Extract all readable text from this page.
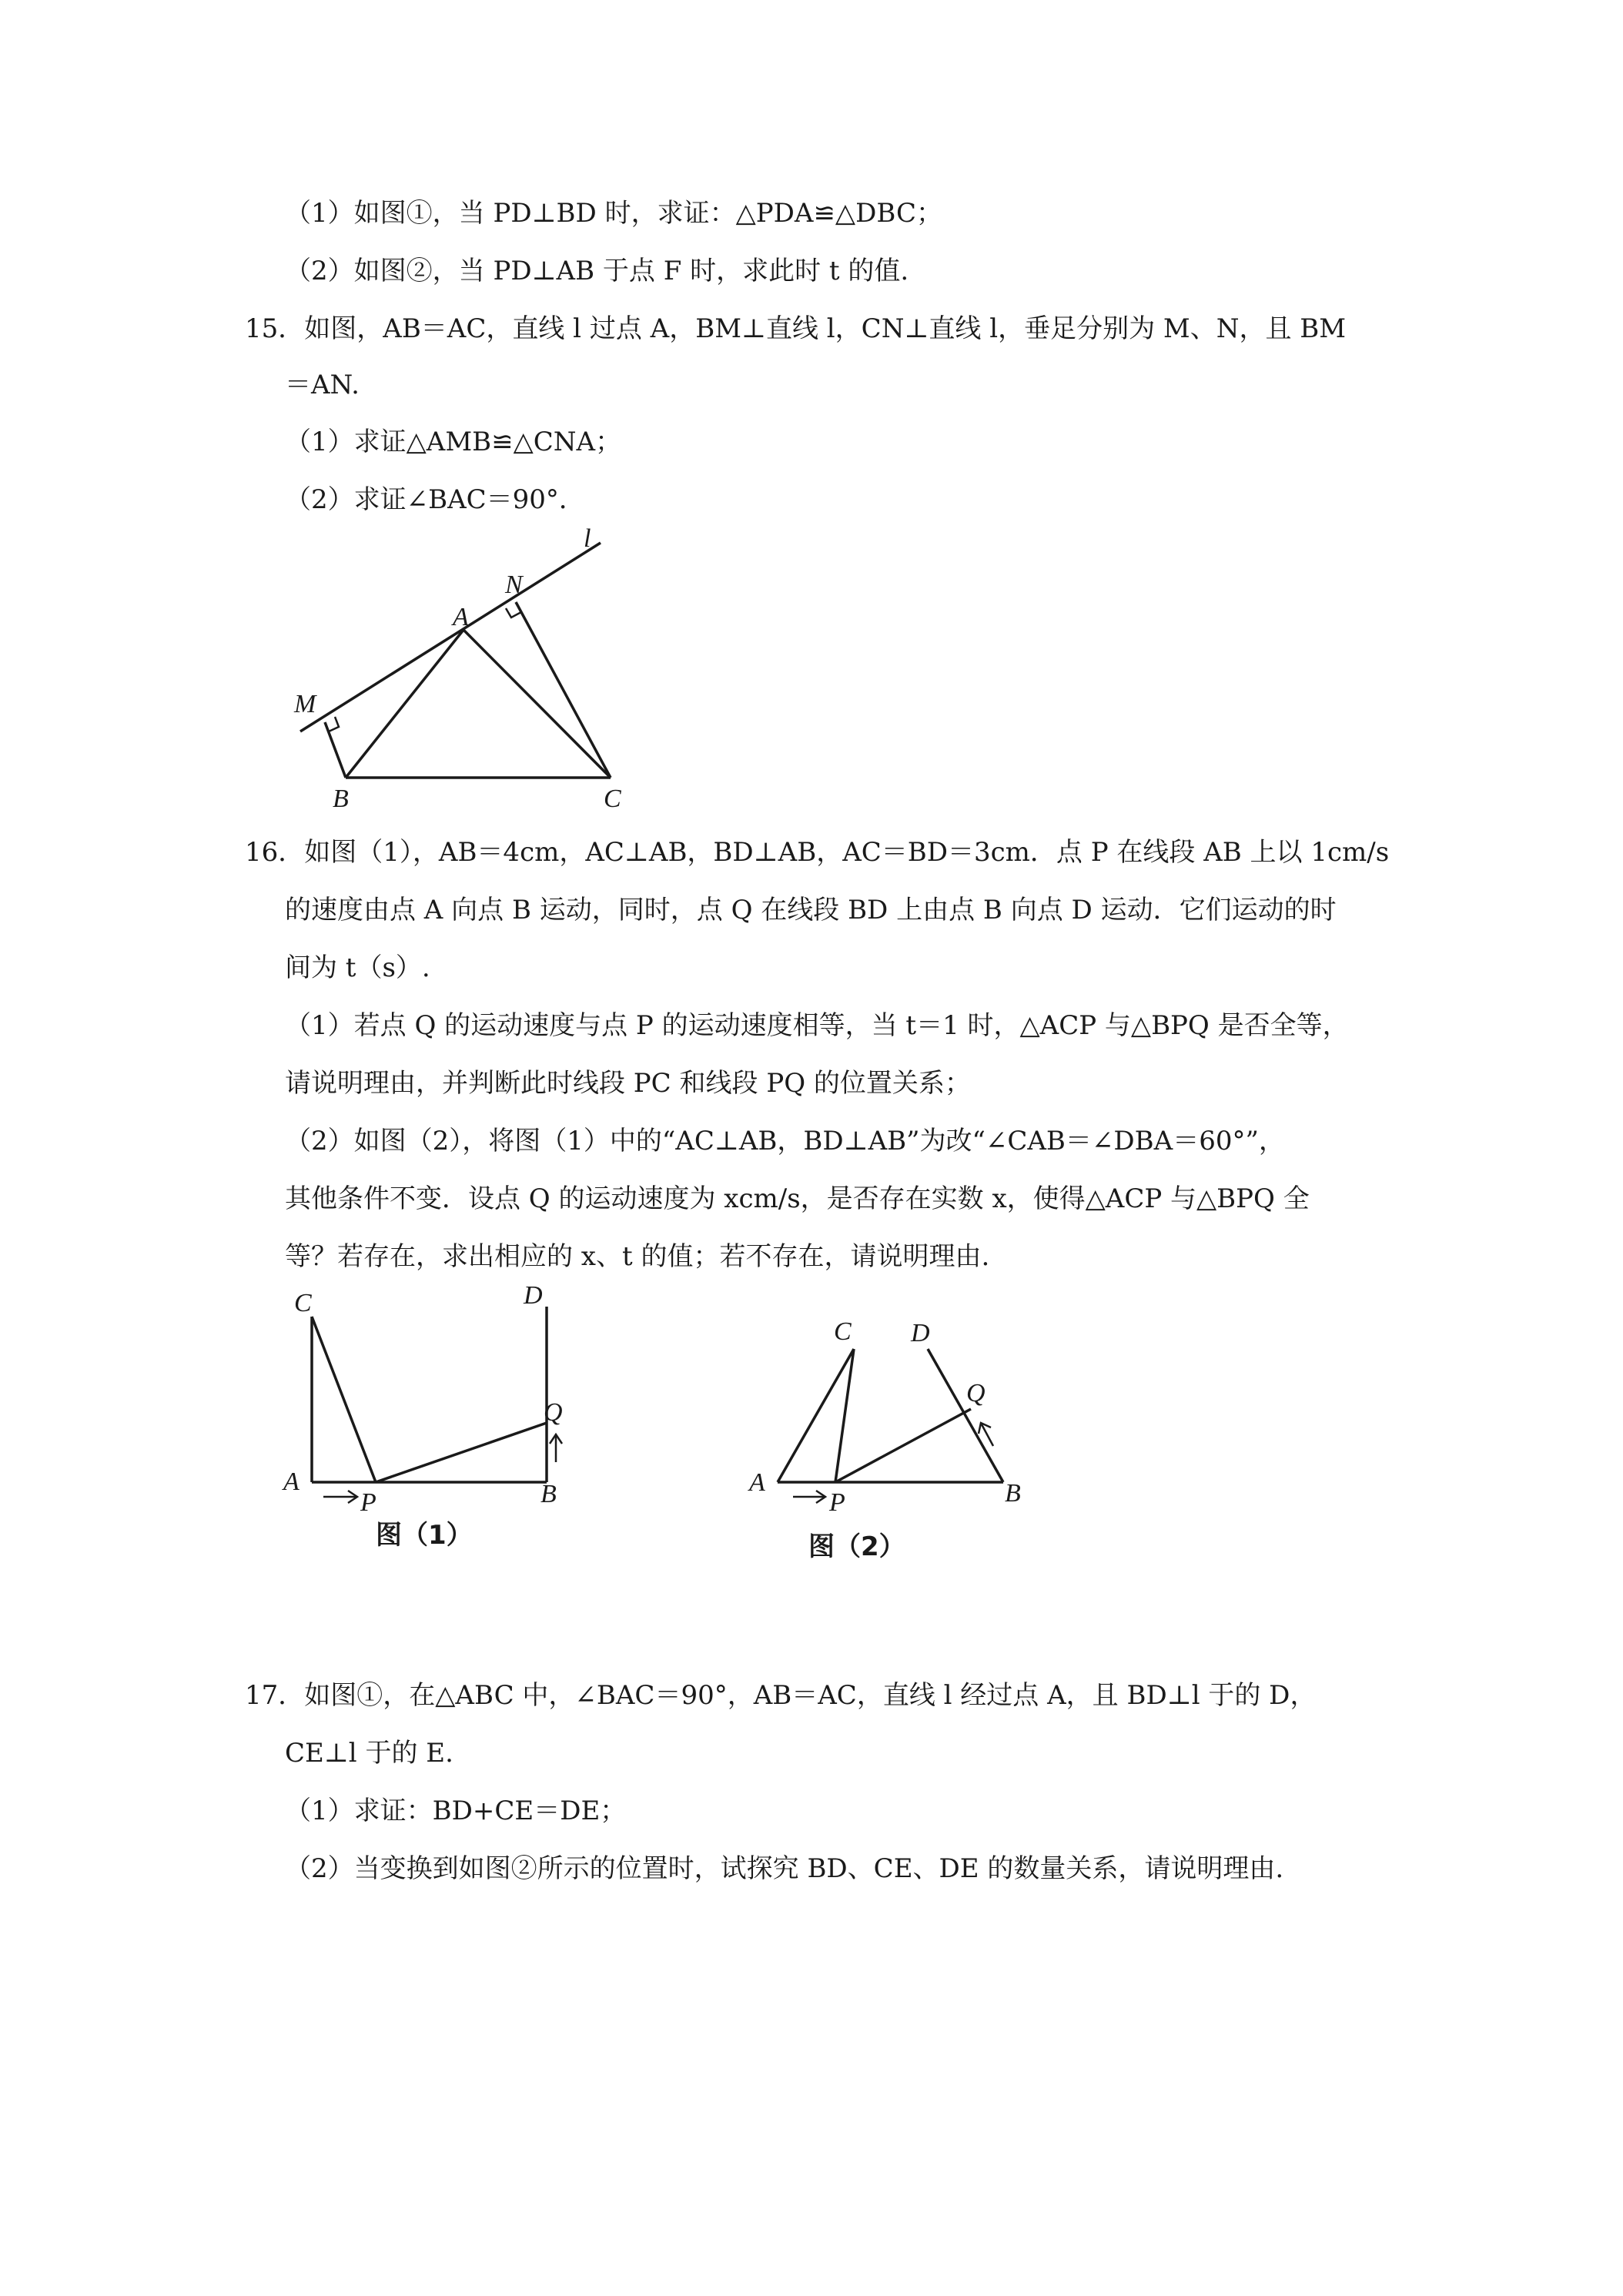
（1）如图①，当 PD⊥BD 时，求证：△PDA≌△DBC；
（2）如图②，当 PD⊥AB 于点 F 时，求此时 t 的值.
15．如图，AB＝AC，直线 l 过点 A，BM⊥直线 l，CN⊥直线 l，垂足分别为 M、N，且 BM
＝AN.
（1）求证△AMB≌△CNA；
（2）求证∠BAC＝90°．
l
N
A
M
B	C
16．如图（1），AB＝4cm，AC⊥AB，BD⊥AB，AC＝BD＝3cm．点 P 在线段 AB 上以 1cm/s
的速度由点 A 向点 B 运动，同时，点 Q 在线段 BD 上由点 B 向点 D 运动．它们运动的时
间为 t（s）.
（1）若点 Q 的运动速度与点 P 的运动速度相等，当 t＝1 时，△ACP 与△BPQ 是否全等，
请说明理由，并判断此时线段 PC 和线段 PQ 的位置关系；
（2）如图（2），将图（1）中的“AC⊥AB，BD⊥AB”为改“∠CAB＝∠DBA＝60°”，
其他条件不变．设点 Q 的运动速度为 xcm/s，是否存在实数 x，使得△ACP 与△BPQ 全
等？若存在，求出相应的 x、t 的值；若不存在，请说明理由.
C	D
Q
A
P	B
图（1）
C D
Q
A
P	B
图（2）
17．如图①，在△ABC 中，∠BAC＝90°，AB＝AC，直线 l 经过点 A，且 BD⊥l 于的 D，
CE⊥l 于的 E.
（1）求证：BD+CE＝DE；
（2）当变换到如图②所示的位置时，试探究 BD、CE、DE 的数量关系，请说明理由.
